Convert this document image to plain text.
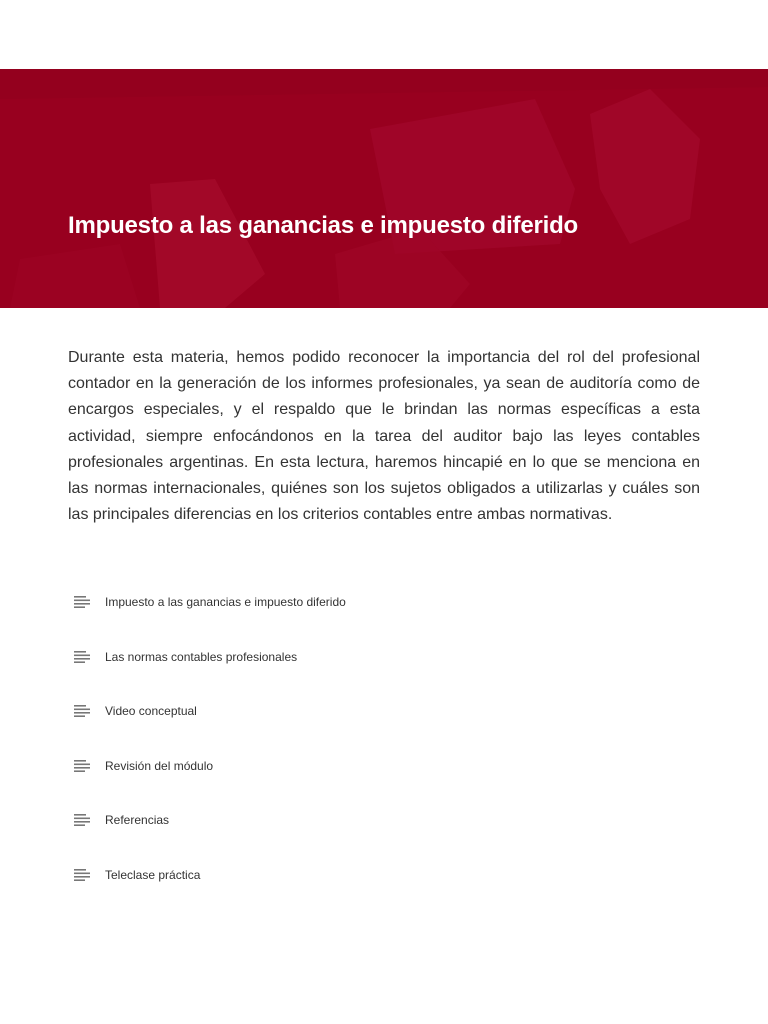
Impuesto a las ganancias e impuesto diferido

Durante esta materia, hemos podido reconocer la importancia del rol del profesional contador en la generación de los informes profesionales, ya sean de auditoría como de encargos especiales, y el respaldo que le brindan las normas específicas a esta actividad, siempre enfocándonos en la tarea del auditor bajo las leyes contables profesionales argentinas. En esta lectura, haremos hincapié en lo que se menciona en las normas internacionales, quiénes son los sujetos obligados a utilizarlas y cuáles son las principales diferencias en los criterios contables entre ambas normativas.

Impuesto a las ganancias e impuesto diferido
Las normas contables profesionales
Video conceptual
Revisión del módulo
Referencias
Teleclase práctica
